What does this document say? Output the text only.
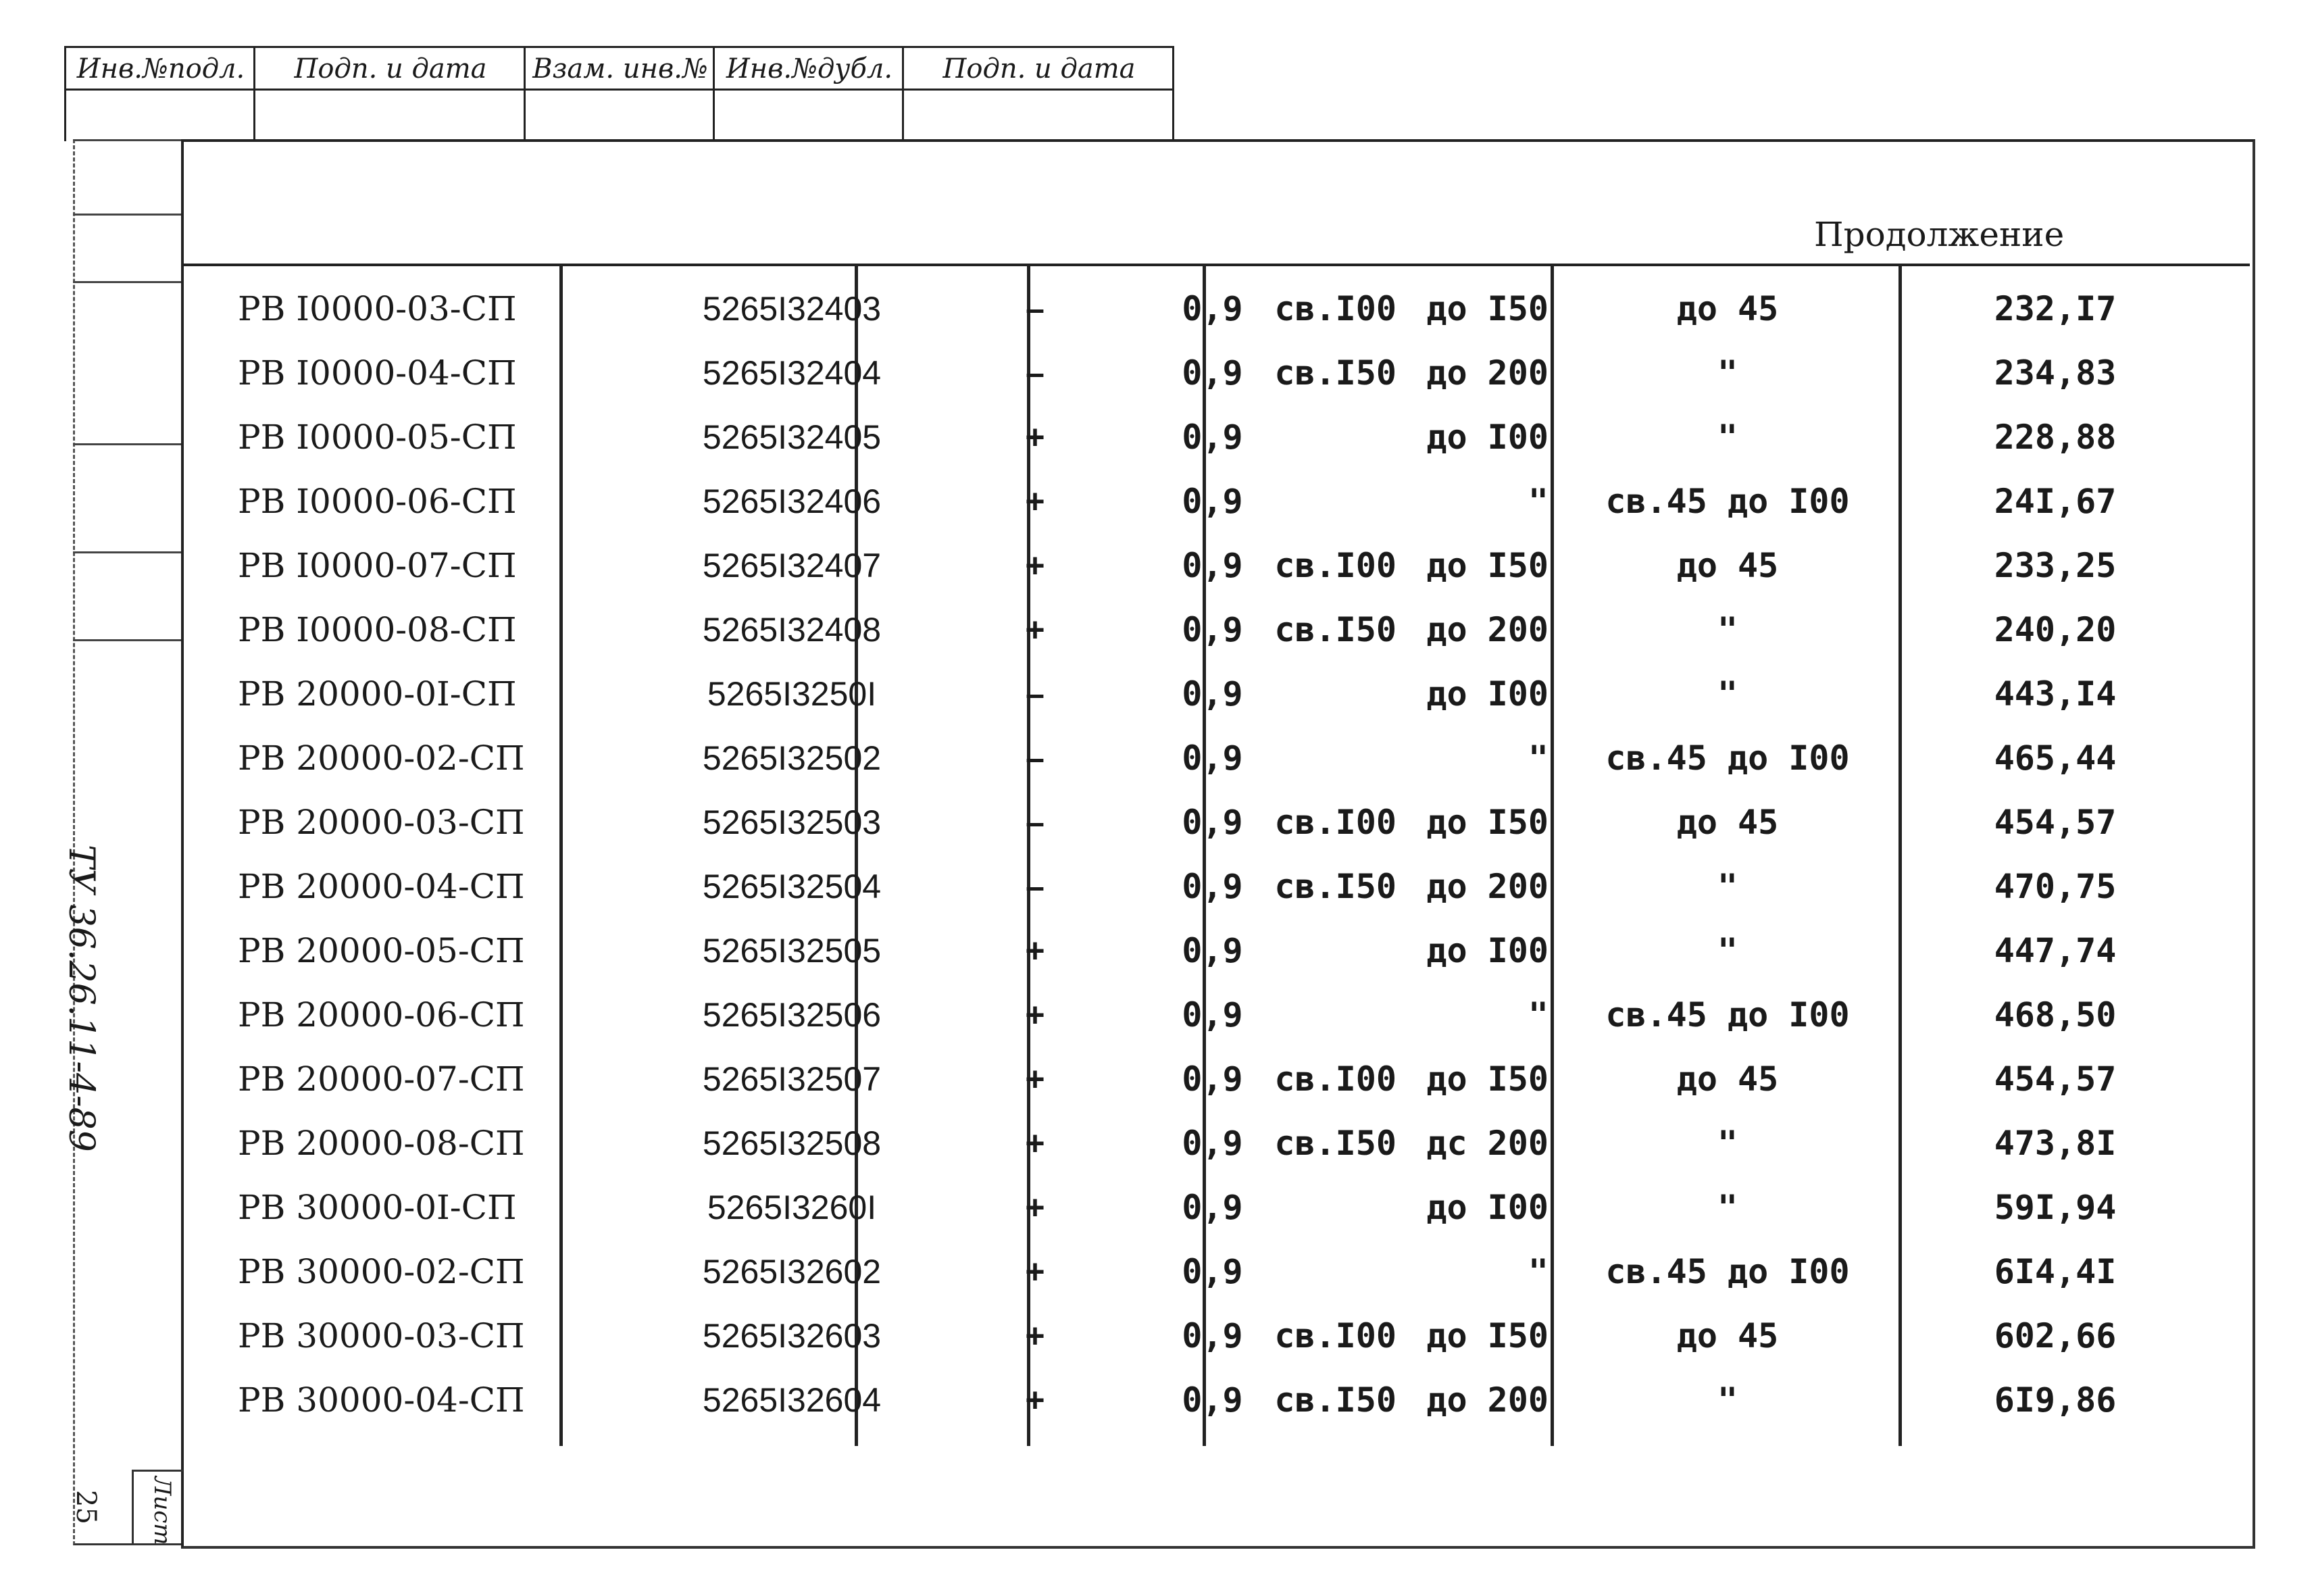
Инв.№подл.	Подп. и дата	Взам. инв.№ Инв.№дубл.	Подп. и дата
Продолжение
РВ I0000-03-СП	5265I32403	–	0,9 св.I00 до I50	до 45	232,I7
РВ I0000-04-СП	5265I32404	–	0,9 св.I50 до 200	"	234,83
РВ I0000-05-СП	5265I32405	+	0,9	до I00	"	228,88
РВ I0000-06-СП	5265I32406	+	0,9	"	св.45 до I00	24I,67
РВ I0000-07-СП	5265I32407	+	0,9 св.I00 до I50	до 45	233,25
РВ I0000-08-СП	5265I32408	+	0,9 св.I50 до 200	"	240,20
РВ 20000-0I-СП	5265I3250I	–	0,9	до I00	"	443,I4
РВ 20000-02-СП	5265I32502	–	0,9	"	св.45 до I00	465,44
РВ 20000-03-СП	5265I32503	–	0,9 св.I00 до I50	до 45	454,57
РВ 20000-04-СП	5265I32504	–	0,9 св.I50 до 200	"	470,75
РВ 20000-05-СП	5265I32505	+	0,9	до I00	"	447,74
РВ 20000-06-СП	5265I32506	+	0,9	"	св.45 до I00	468,50
РВ 20000-07-СП	5265I32507	+	0,9 св.I00 до I50	до 45	454,57
РВ 20000-08-СП	5265I32508	+	0,9 св.I50 дс 200	"	473,8I
РВ 30000-0I-СП	5265I3260I	+	0,9	до I00	"	59I,94
РВ 30000-02-СП	5265I32602	+	0,9	"	св.45 до I00	6I4,4I
РВ 30000-03-СП	5265I32603	+	0,9 св.I00 до I50	до 45	602,66
РВ 30000-04-СП	5265I32604	+	0,9 св.I50 до 200	"	6I9,86
ТУ 36.26.11-4-89
Лист
25
